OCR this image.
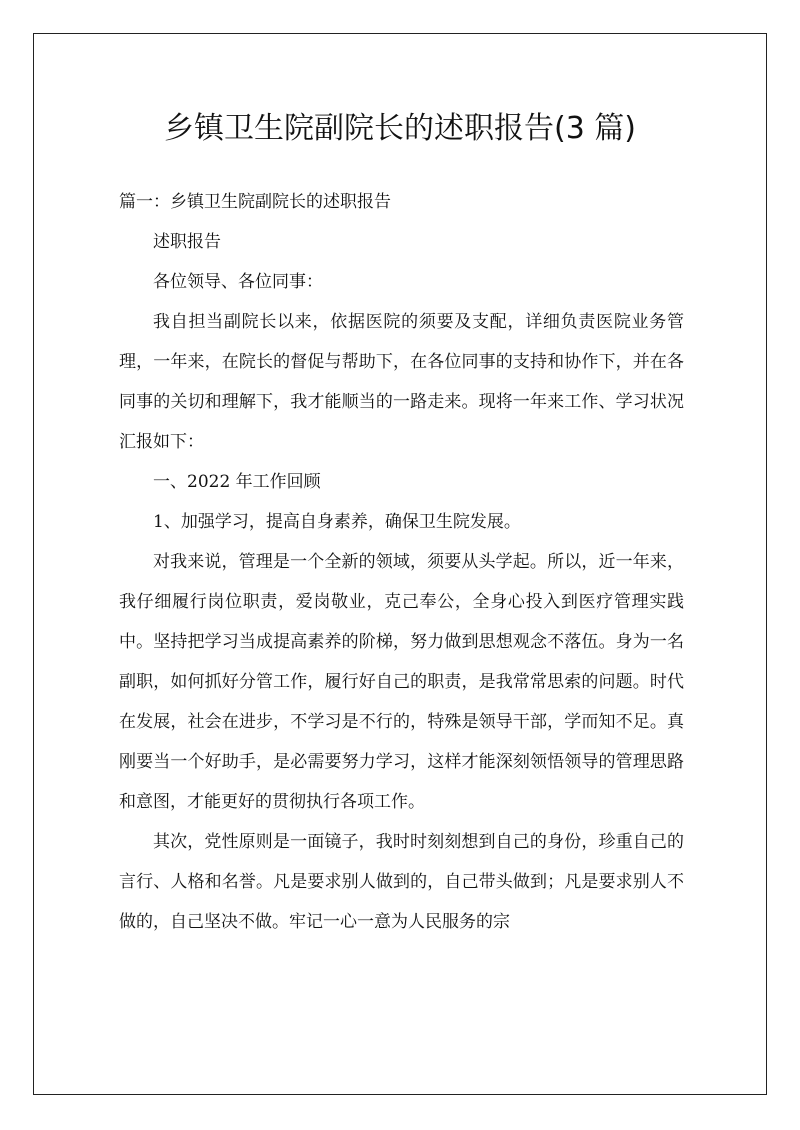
乡镇卫生院副院长的述职报告(3 篇)

篇一：乡镇卫生院副院长的述职报告

述职报告

各位领导、各位同事：

我自担当副院长以来，依据医院的须要及支配，详细负责医院业务管理，一年来，在院长的督促与帮助下，在各位同事的支持和协作下，并在各同事的关切和理解下，我才能顺当的一路走来。现将一年来工作、学习状况汇报如下：

一、2022 年工作回顾

1、加强学习，提高自身素养，确保卫生院发展。

对我来说，管理是一个全新的领域，须要从头学起。所以，近一年来，我仔细履行岗位职责，爱岗敬业，克己奉公，全身心投入到医疗管理实践中。坚持把学习当成提高素养的阶梯，努力做到思想观念不落伍。身为一名副职，如何抓好分管工作，履行好自己的职责，是我常常思索的问题。时代在发展，社会在进步，不学习是不行的，特殊是领导干部，学而知不足。真刚要当一个好助手，是必需要努力学习，这样才能深刻领悟领导的管理思路和意图，才能更好的贯彻执行各项工作。

其次，党性原则是一面镜子，我时时刻刻想到自己的身份，珍重自己的言行、人格和名誉。凡是要求别人做到的，自己带头做到；凡是要求别人不做的，自己坚决不做。牢记一心一意为人民服务的宗
